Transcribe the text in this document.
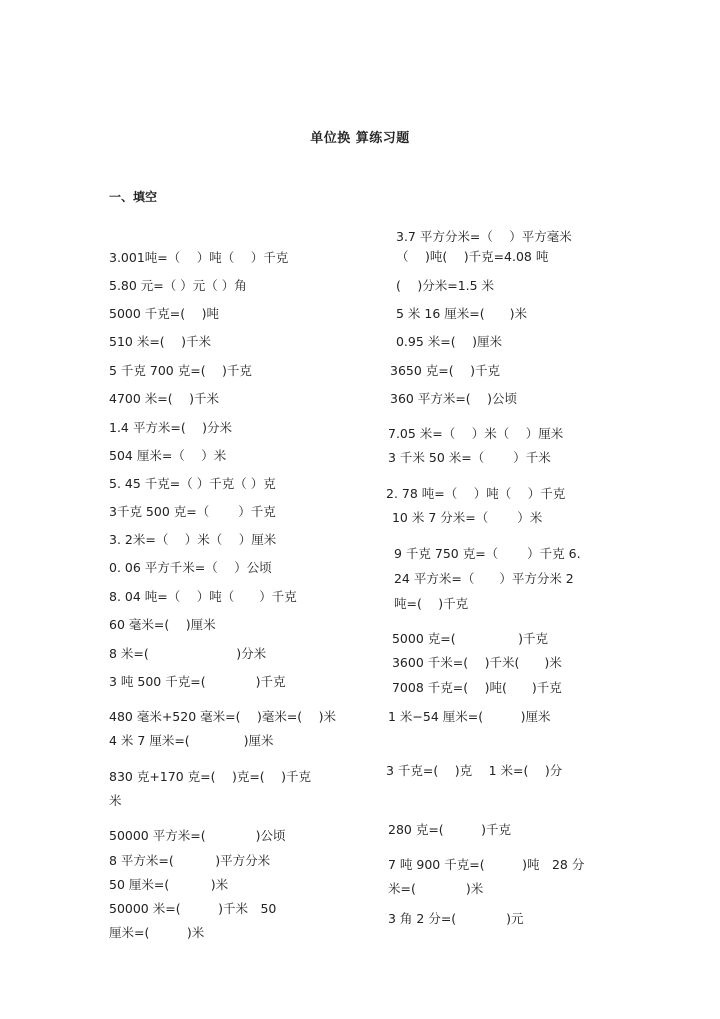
单位换 算练习题
一、填空
3.001吨=（　 ）吨（　 ）千克
5.80 元=（ ）元（ ）角
5000 千克=(　 )吨
510 米=(　 )千米
5 千克 700 克=(　 )千克
4700 米=(　 )千米
1.4 平方米=(　 )分米
504 厘米=（　 ）米
5. 45 千克=（ ）千克（ ）克
3千克 500 克=（　　 ）千克
3. 2米=（　 ）米（　 ）厘米
0. 06 平方千米=（　 ）公顷
8. 04 吨=（　 ）吨（　　）千克
60 毫米=(　 )厘米
8 米=(　　　　　　　)分米
3 吨 500 千克=(　　　　)千克
480 毫米+520 毫米=(　 )毫米=(　 )米
4 米 7 厘米=(　　　　 )厘米
830 克+170 克=(　 )克=(　 )千克
米
50000 平方米=(　　　　)公顷
8 平方米=(　　　 )平方分米
50 厘米=(　　　 )米
50000 米=(　　　)千米　50
厘米=(　　　)米
3.7 平方分米=（　 ）平方毫米
（　 )吨(　 )千克=4.08 吨
(　 )分米=1.5 米
5 米 16 厘米=(　　)米
0.95 米=(　 )厘米
3650 克=(　 )千克
360 平方米=(　 )公顷
7.05 米=（　 ）米（　 ）厘米
3 千米 50 米=（　　 ）千米
2. 78 吨=（　 ）吨（　 ）千克
10 米 7 分米=（　　 ）米
9 千克 750 克=（　　 ）千克 6.
24 平方米=（　　）平方分米 2
吨=(　 )千克
5000 克=(　　　　　)千克
3600 千米=(　 )千米(　　)米
7008 千克=(　 )吨(　　)千克
1 米−54 厘米=(　　　)厘米
3 千克=(　 )克　 1 米=(　 )分
280 克=(　　　)千克
7 吨 900 千克=(　　　)吨　28 分
米=(　　　　)米
3 角 2 分=(　　　　)元
